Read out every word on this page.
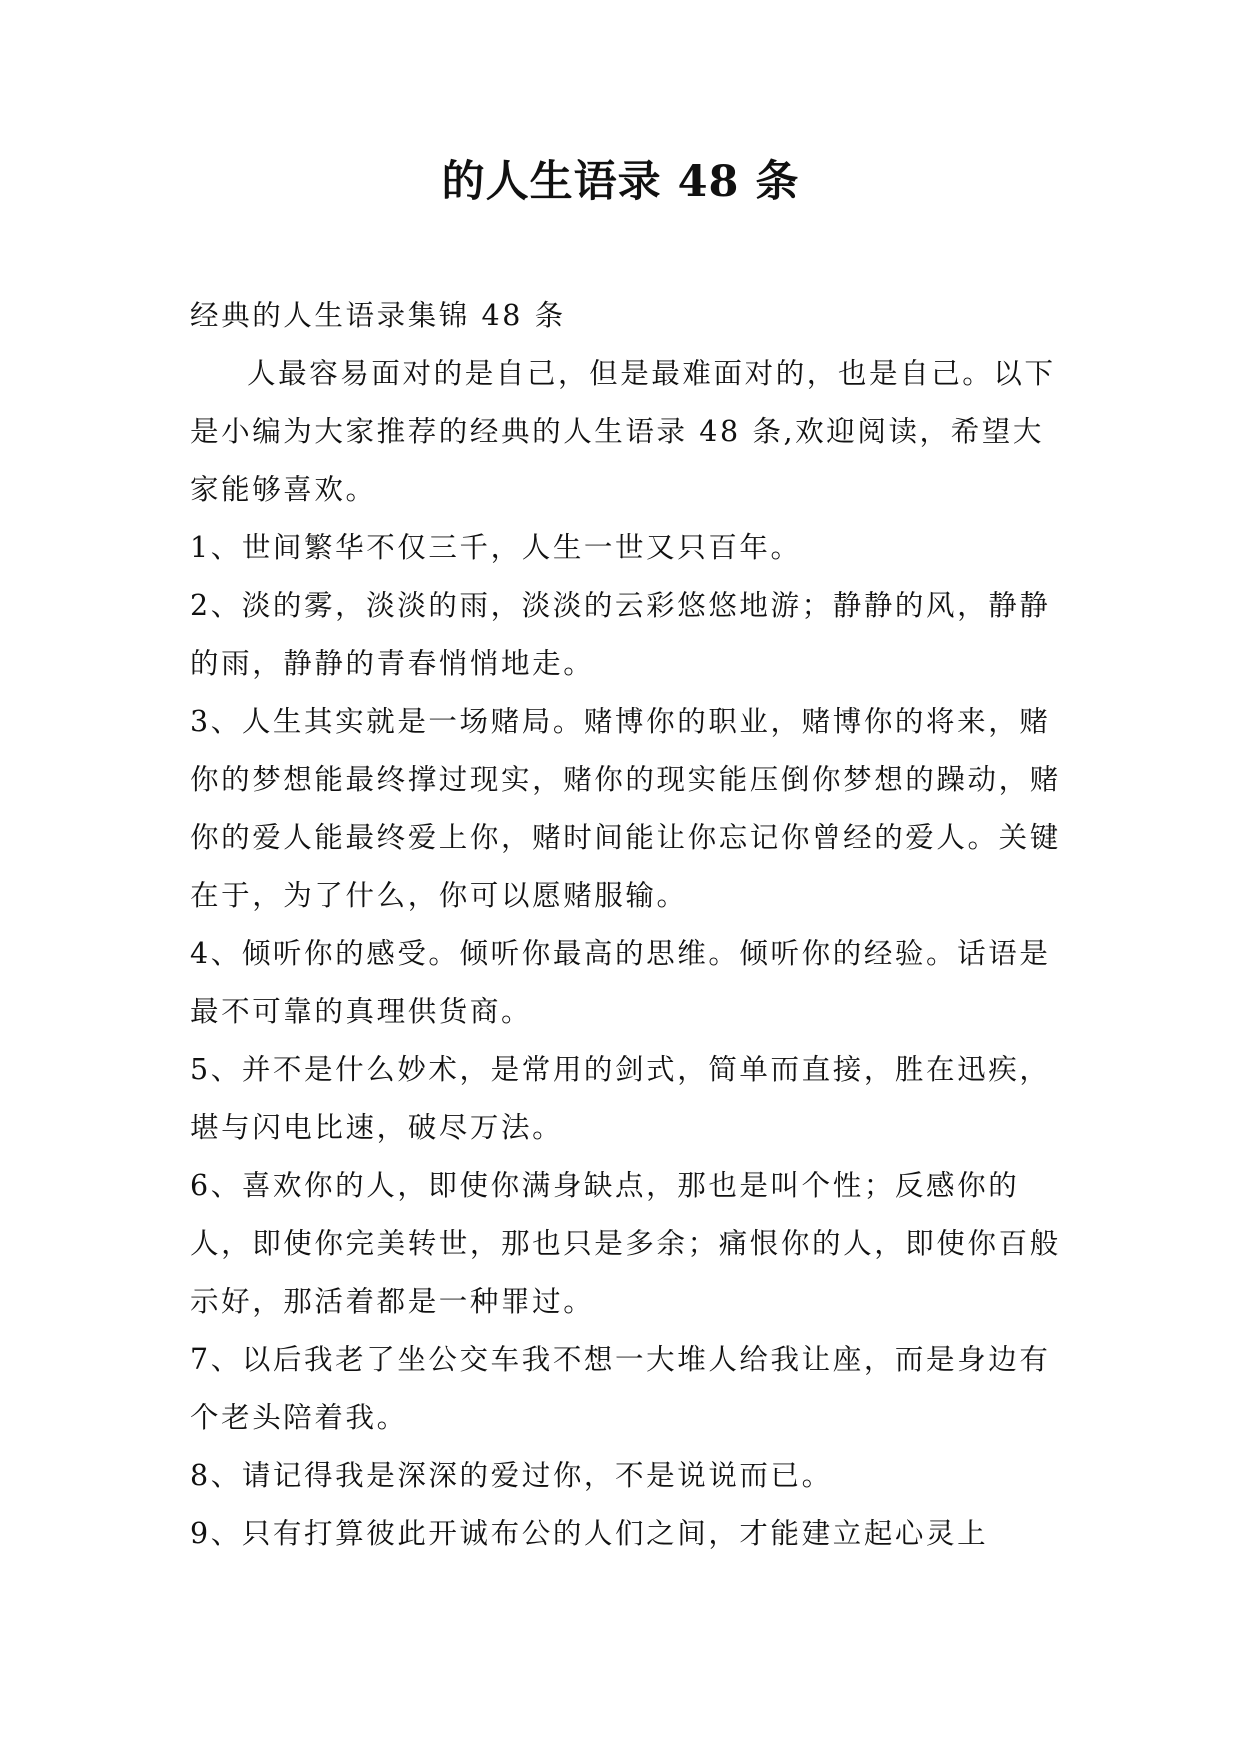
的人生语录 48 条

经典的人生语录集锦 48 条

人最容易面对的是自己，但是最难面对的，也是自己。以下是小编为大家推荐的经典的人生语录 48 条,欢迎阅读，希望大家能够喜欢。

1、世间繁华不仅三千，人生一世又只百年。

2、淡的雾，淡淡的雨，淡淡的云彩悠悠地游；静静的风，静静的雨，静静的青春悄悄地走。

3、人生其实就是一场赌局。赌博你的职业，赌博你的将来，赌你的梦想能最终撑过现实，赌你的现实能压倒你梦想的躁动，赌你的爱人能最终爱上你，赌时间能让你忘记你曾经的爱人。关键在于，为了什么，你可以愿赌服输。

4、倾听你的感受。倾听你最高的思维。倾听你的经验。话语是最不可靠的真理供货商。

5、并不是什么妙术，是常用的剑式，简单而直接，胜在迅疾，堪与闪电比速，破尽万法。

6、喜欢你的人，即使你满身缺点，那也是叫个性；反感你的人，即使你完美转世，那也只是多余；痛恨你的人，即使你百般示好，那活着都是一种罪过。

7、以后我老了坐公交车我不想一大堆人给我让座，而是身边有个老头陪着我。

8、请记得我是深深的爱过你，不是说说而已。

9、只有打算彼此开诚布公的人们之间，才能建立起心灵上
